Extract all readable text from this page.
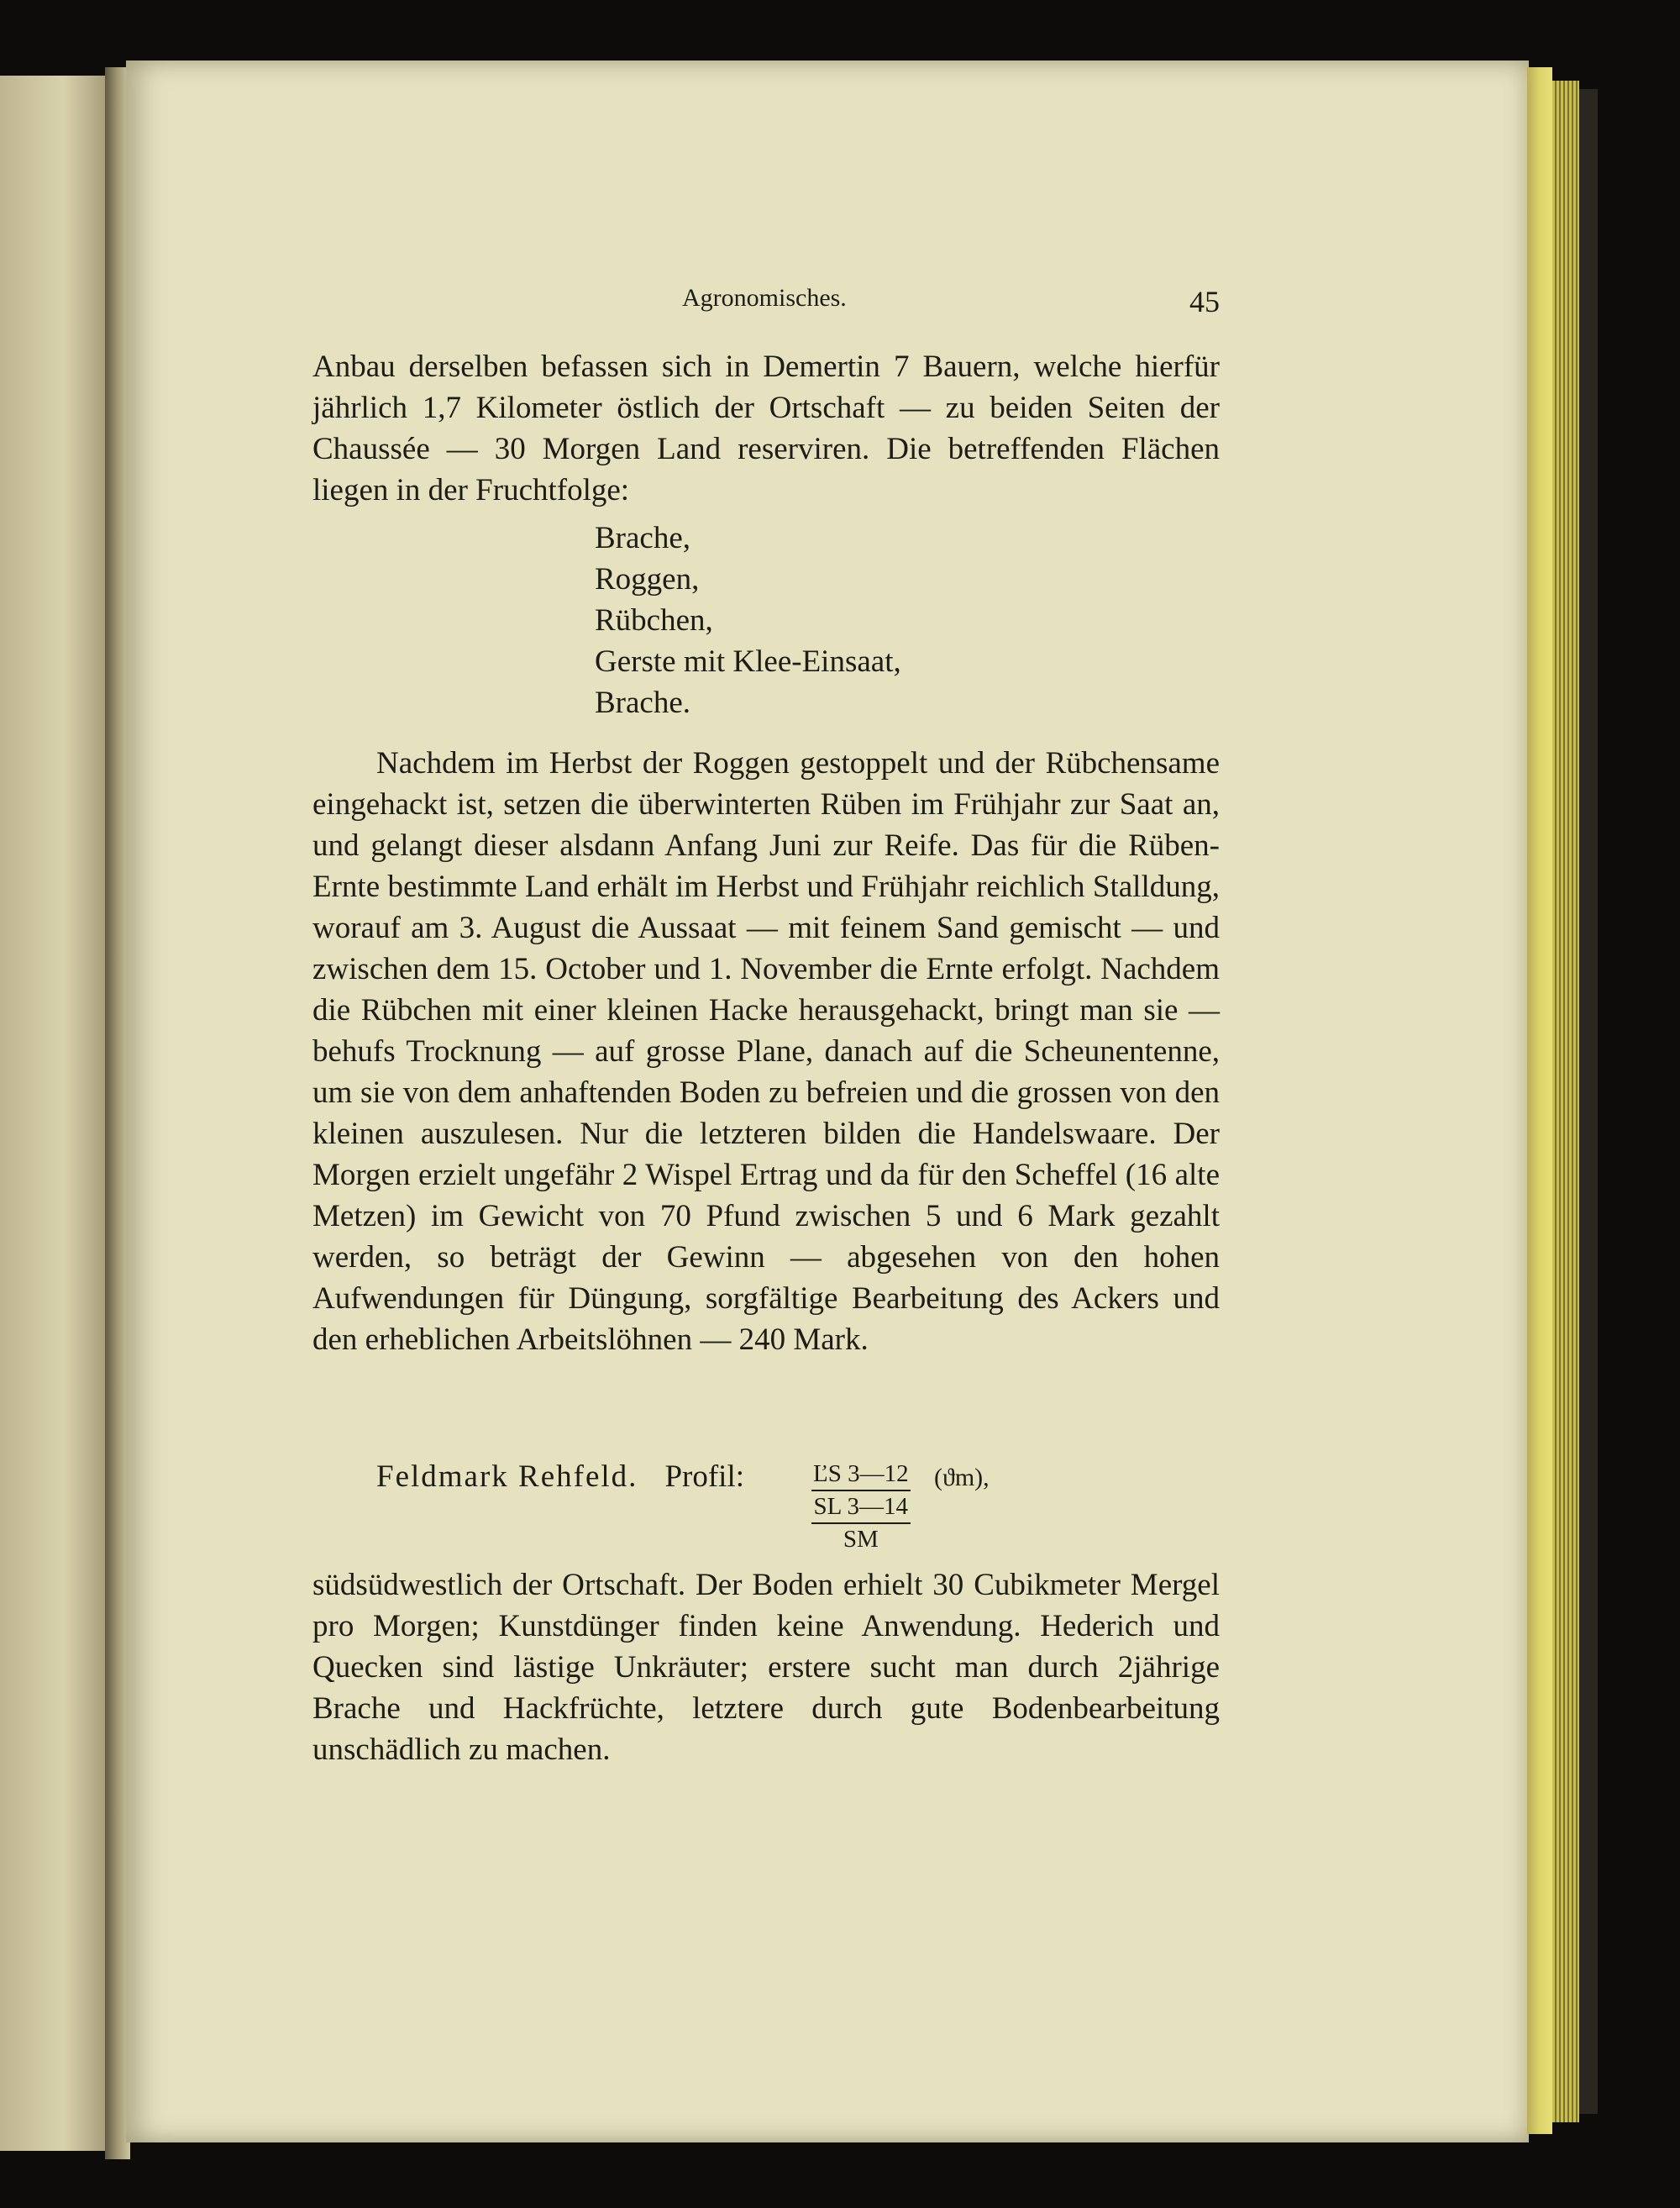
Agronomisches.	45

Anbau derselben befassen sich in Demertin 7 Bauern, welche hierfür jährlich 1,7 Kilometer östlich der Ortschaft — zu beiden Seiten der Chaussée — 30 Morgen Land reserviren. Die betreffenden Flächen liegen in der Fruchtfolge:

Brache,
Roggen,
Rübchen,
Gerste mit Klee-Einsaat,
Brache.

Nachdem im Herbst der Roggen gestoppelt und der Rübchensame eingehackt ist, setzen die überwinterten Rüben im Frühjahr zur Saat an, und gelangt dieser alsdann Anfang Juni zur Reife. Das für die Rüben-Ernte bestimmte Land erhält im Herbst und Frühjahr reichlich Stalldung, worauf am 3. August die Aussaat — mit feinem Sand gemischt — und zwischen dem 15. October und 1. November die Ernte erfolgt. Nachdem die Rübchen mit einer kleinen Hacke herausgehackt, bringt man sie — behufs Trocknung — auf grosse Plane, danach auf die Scheunentenne, um sie von dem anhaftenden Boden zu befreien und die grossen von den kleinen auszulesen. Nur die letzteren bilden die Handelswaare. Der Morgen erzielt ungefähr 2 Wispel Ertrag und da für den Scheffel (16 alte Metzen) im Gewicht von 70 Pfund zwischen 5 und 6 Mark gezahlt werden, so beträgt der Gewinn — abgesehen von den hohen Aufwendungen für Düngung, sorgfältige Bearbeitung des Ackers und den erheblichen Arbeitslöhnen — 240 Mark.

Feldmark Rehfeld. Profil:	ĽS 3—12
SL 3—14
SM
(ϑm),

südsüdwestlich der Ortschaft. Der Boden erhielt 30 Cubikmeter Mergel pro Morgen; Kunstdünger finden keine Anwendung. Hederich und Quecken sind lästige Unkräuter; erstere sucht man durch 2jährige Brache und Hackfrüchte, letztere durch gute Bodenbearbeitung unschädlich zu machen.
